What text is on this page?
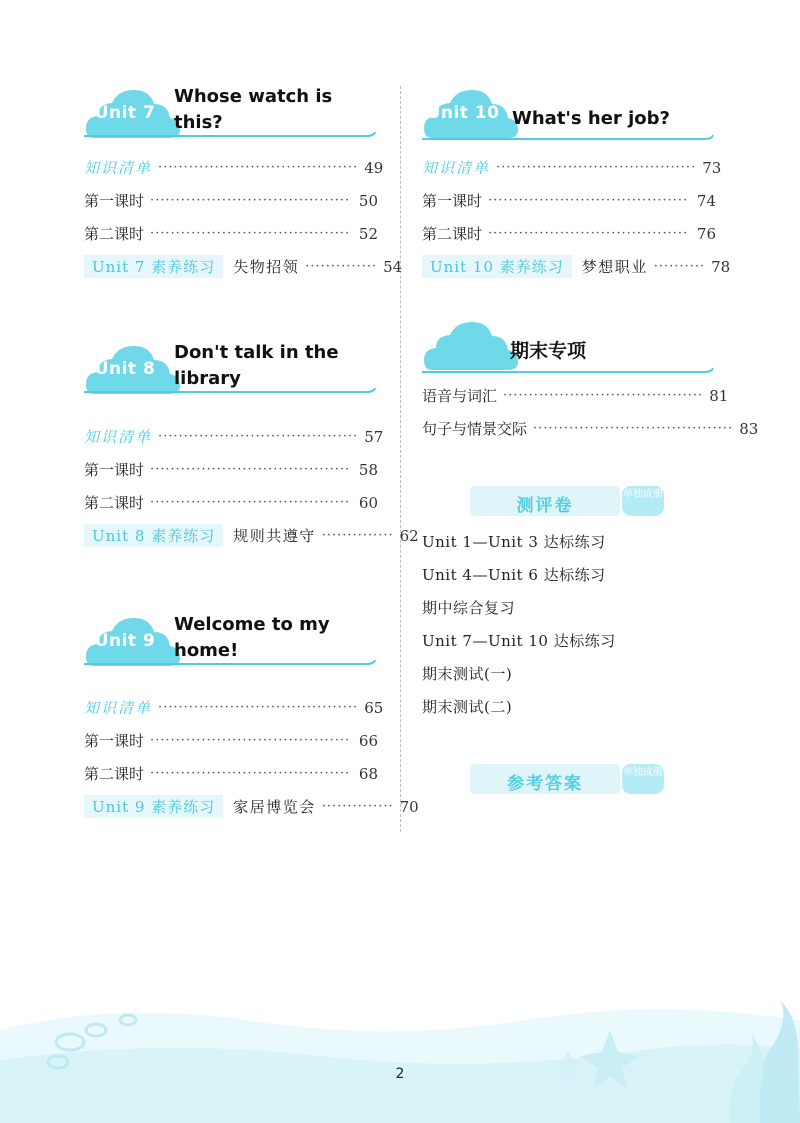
Unit 7
Whose watch is
this?
知识清单 ······································· 49
第一课时 ······································· 50
第二课时 ······································· 52
Unit 7 素养练习	失物招领 ·············· 54
Unit 8
Don't talk in the
library
知识清单 ······································· 57
第一课时 ······································· 58
第二课时 ······································· 60
Unit 8 素养练习	规则共遵守 ·············· 62
Unit 9
Welcome to my
home!
知识清单 ······································· 65
第一课时 ······································· 66
第二课时 ······································· 68
Unit 9 素养练习	家居博览会 ·············· 70
Unit 10 What's her job?
知识清单 ······································· 73
第一课时 ······································· 74
第二课时 ······································· 76
Unit 10 素养练习	梦想职业 ·········· 78
期末专项
语音与词汇 ······································· 81
句子与情景交际 ······································· 83
测评卷
单独成册
Unit 1—Unit 3 达标练习
Unit 4—Unit 6 达标练习
期中综合复习
Unit 7—Unit 10 达标练习
期末测试(一)
期末测试(二)
参考答案
单独成册
2
